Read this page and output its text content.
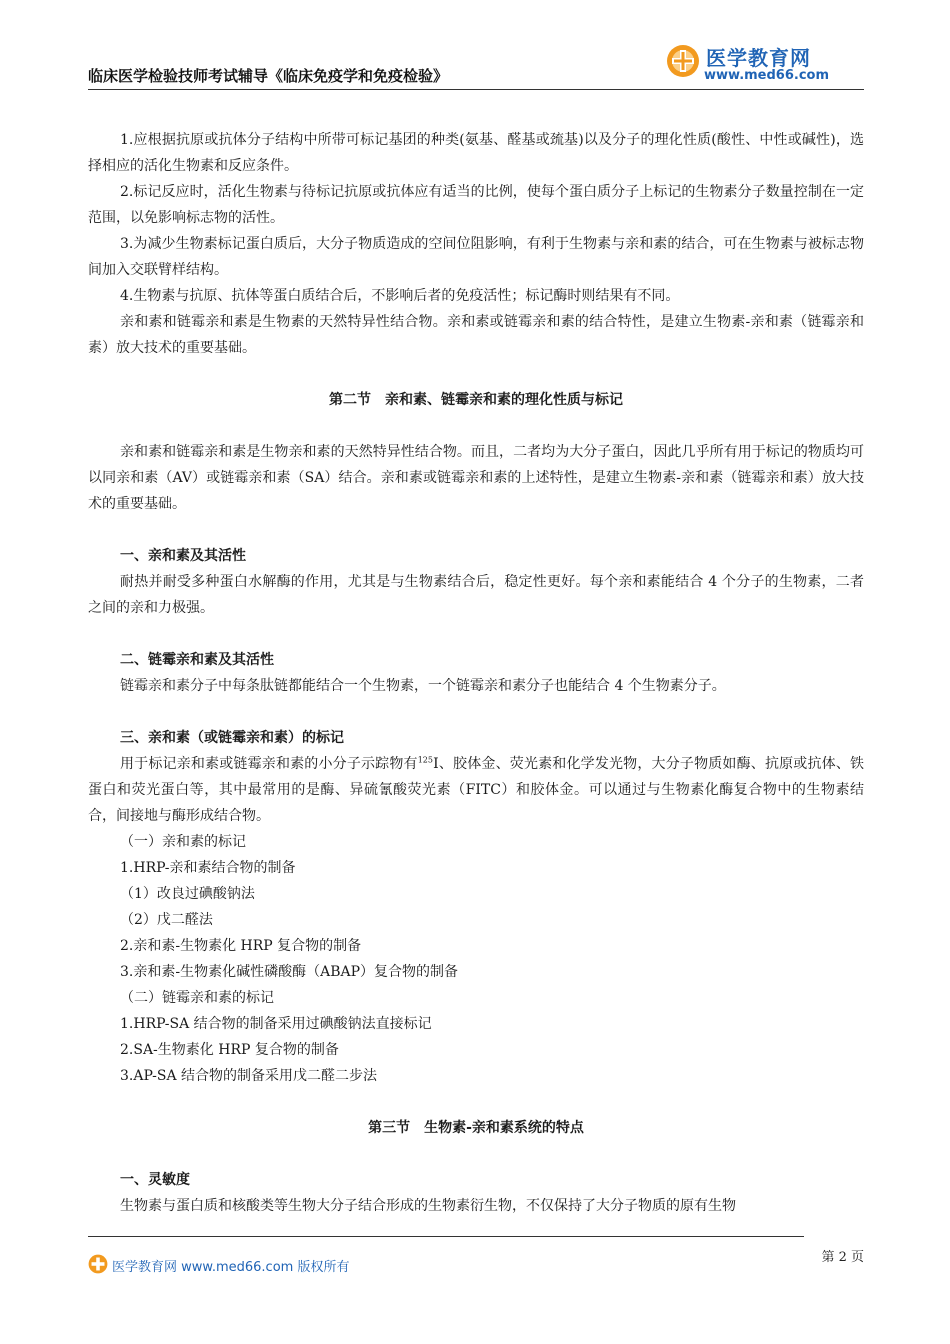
临床医学检验技师考试辅导《临床免疫学和免疫检验》
医学教育网
www.med66.com

1.应根据抗原或抗体分子结构中所带可标记基团的种类(氨基、醛基或巯基)以及分子的理化性质(酸性、中性或碱性)，选择相应的活化生物素和反应条件。

2.标记反应时，活化生物素与待标记抗原或抗体应有适当的比例，使每个蛋白质分子上标记的生物素分子数量控制在一定范围，以免影响标志物的活性。

3.为减少生物素标记蛋白质后，大分子物质造成的空间位阻影响，有利于生物素与亲和素的结合，可在生物素与被标志物间加入交联臂样结构。

4.生物素与抗原、抗体等蛋白质结合后，不影响后者的免疫活性；标记酶时则结果有不同。

亲和素和链霉亲和素是生物素的天然特异性结合物。亲和素或链霉亲和素的结合特性，是建立生物素-亲和素（链霉亲和素）放大技术的重要基础。

第二节　亲和素、链霉亲和素的理化性质与标记

亲和素和链霉亲和素是生物亲和素的天然特异性结合物。而且，二者均为大分子蛋白，因此几乎所有用于标记的物质均可以同亲和素（AV）或链霉亲和素（SA）结合。亲和素或链霉亲和素的上述特性，是建立生物素-亲和素（链霉亲和素）放大技术的重要基础。

一、亲和素及其活性

耐热并耐受多种蛋白水解酶的作用，尤其是与生物素结合后，稳定性更好。每个亲和素能结合 4 个分子的生物素，二者之间的亲和力极强。

二、链霉亲和素及其活性

链霉亲和素分子中每条肽链都能结合一个生物素，一个链霉亲和素分子也能结合 4 个生物素分子。

三、亲和素（或链霉亲和素）的标记

用于标记亲和素或链霉亲和素的小分子示踪物有$^{125}$Ⅰ、胶体金、荧光素和化学发光物，大分子物质如酶、抗原或抗体、铁蛋白和荧光蛋白等，其中最常用的是酶、异硫氰酸荧光素（FITC）和胶体金。可以通过与生物素化酶复合物中的生物素结合，间接地与酶形成结合物。

（一）亲和素的标记

1.HRP-亲和素结合物的制备

（1）改良过碘酸钠法

（2）戊二醛法

2.亲和素-生物素化 HRP 复合物的制备

3.亲和素-生物素化碱性磷酸酶（ABAP）复合物的制备

（二）链霉亲和素的标记

1.HRP-SA 结合物的制备采用过碘酸钠法直接标记

2.SA-生物素化 HRP 复合物的制备

3.AP-SA 结合物的制备采用戊二醛二步法

第三节　生物素-亲和素系统的特点

一、灵敏度

生物素与蛋白质和核酸类等生物大分子结合形成的生物素衍生物，不仅保持了大分子物质的原有生物

医学教育网 www.med66.com 版权所有
第 2 页
